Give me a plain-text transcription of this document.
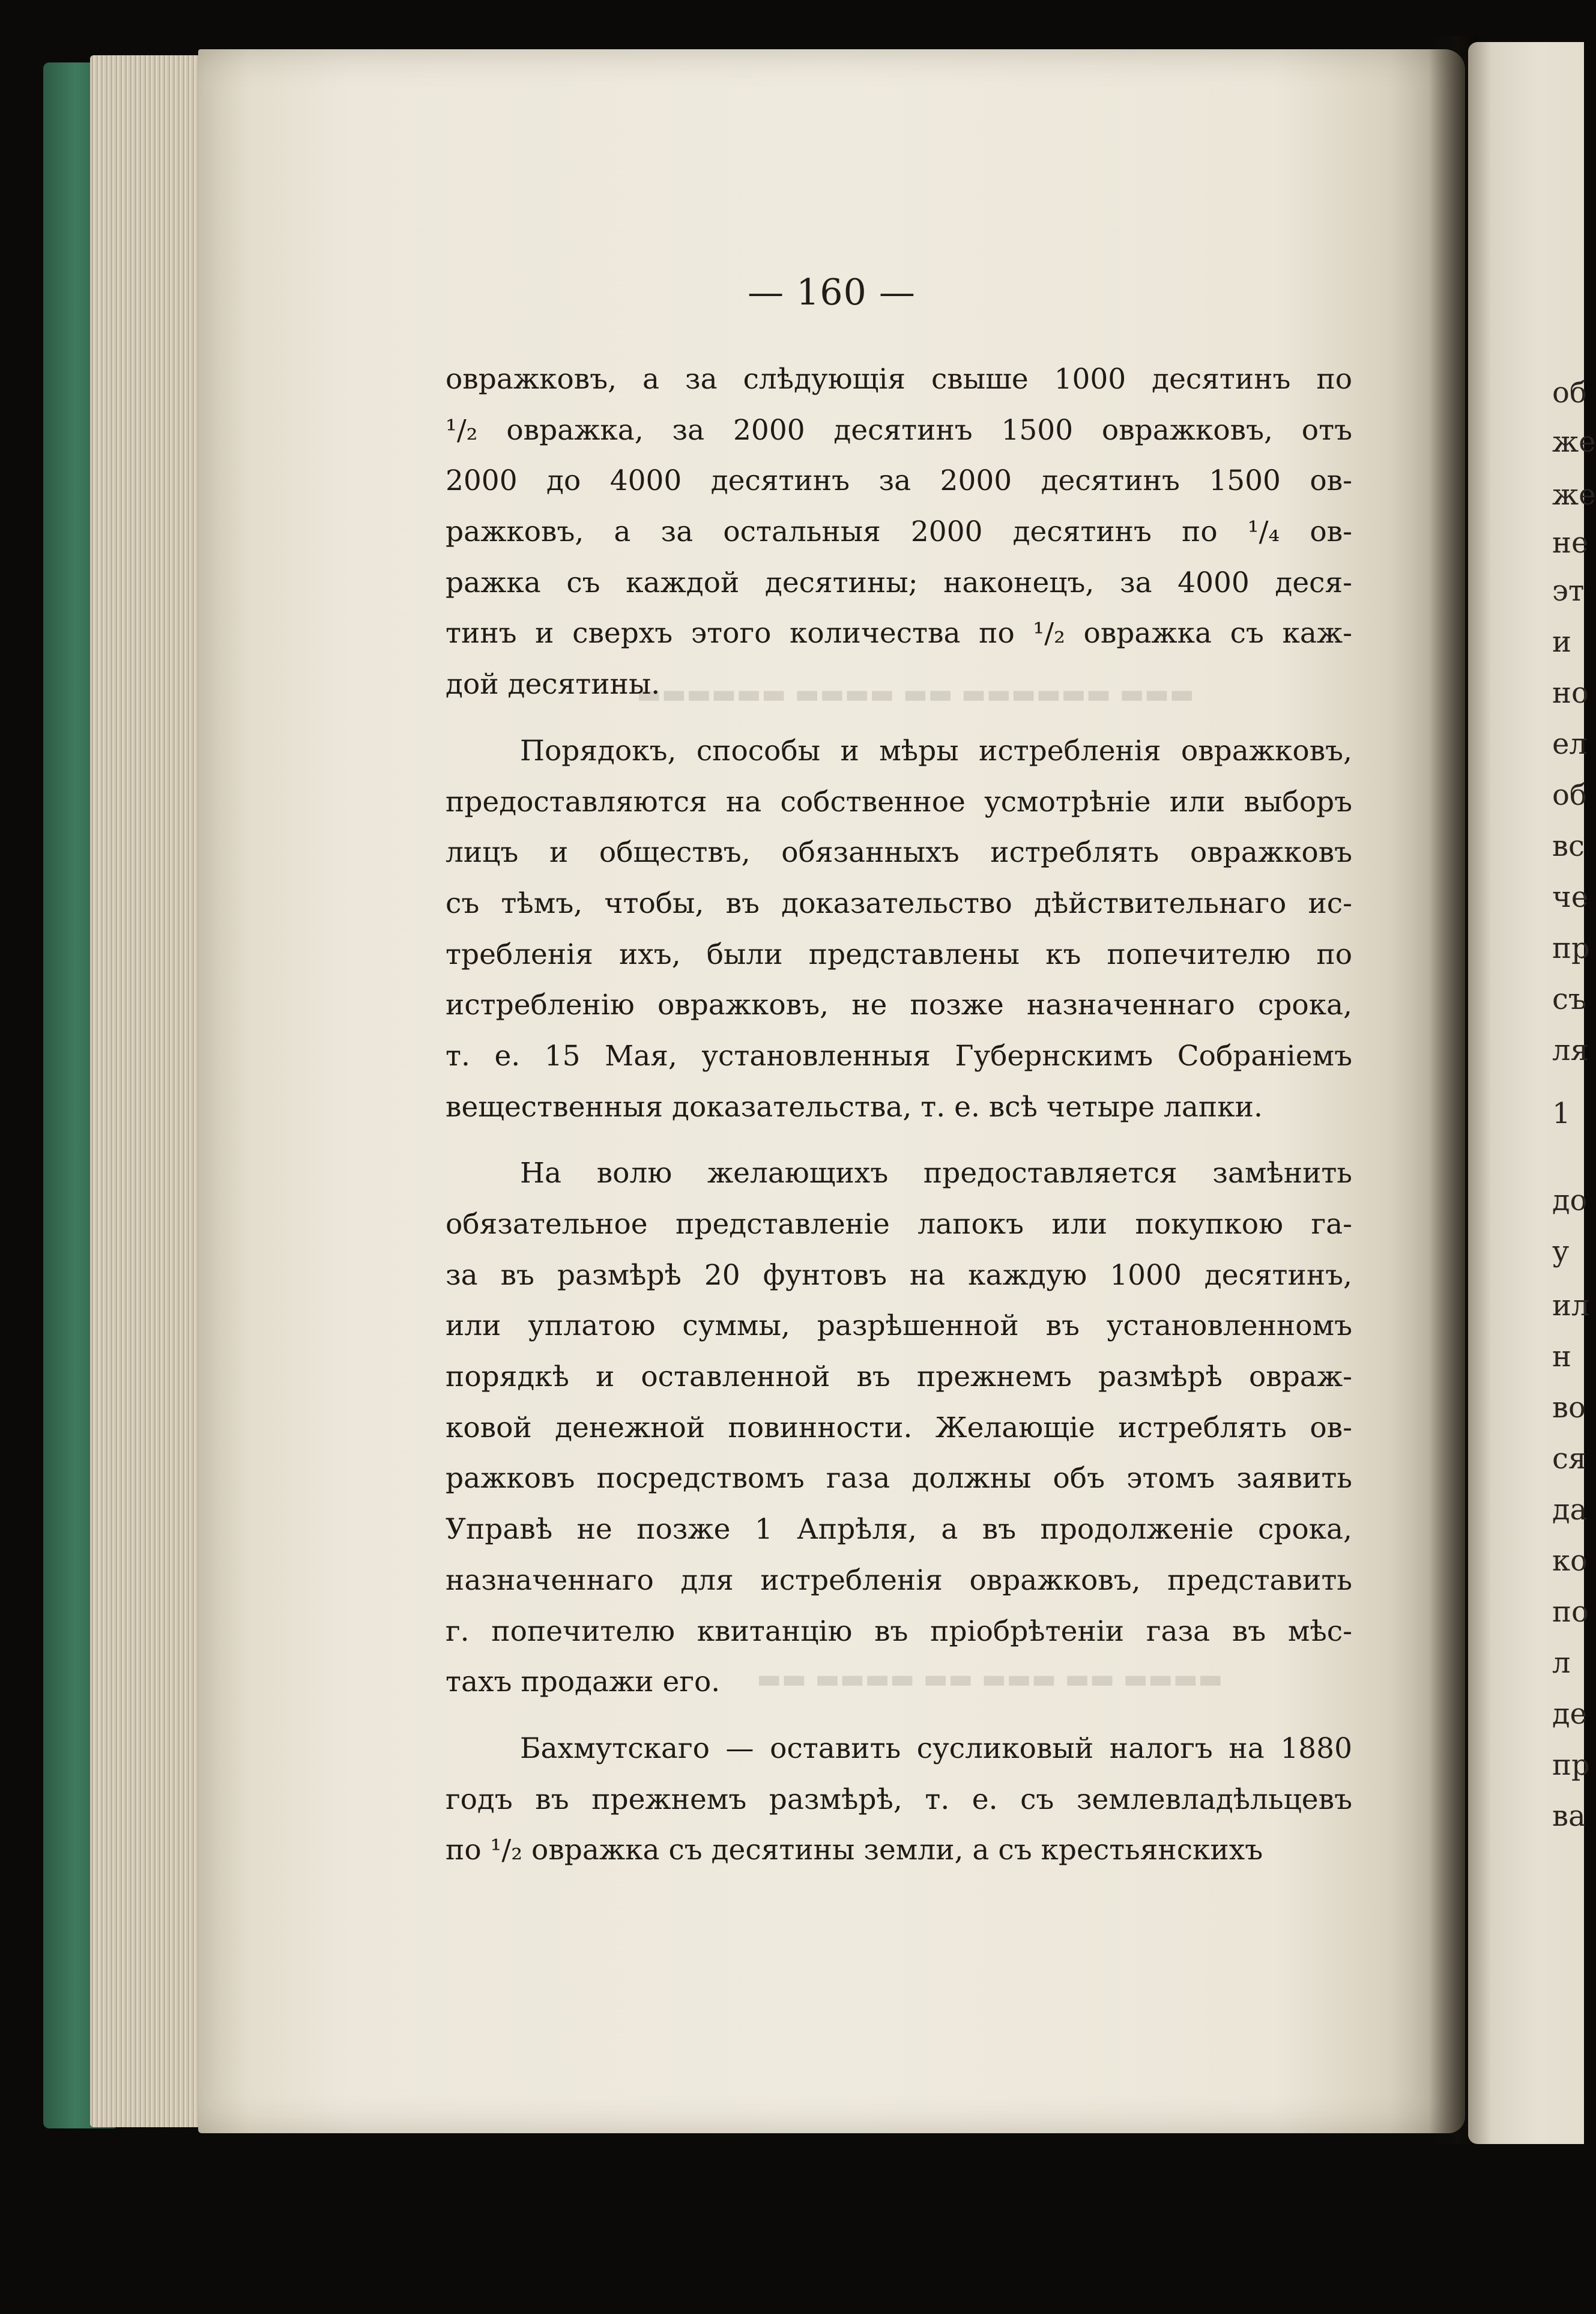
▬▬▬ ▬▬▬▬▬▬ ▬▬ ▬▬▬▬ ▬▬▬▬▬▬
▬▬▬▬ ▬▬ ▬▬▬ ▬▬ ▬▬▬▬ ▬▬
об
же
же
не
эт
и
но
ел
об
вс
че
пр
съ
ля
1
до
у
ил
н
во
ся
да
ко
по
л
де
пр
ва
— 160 —
овражковъ, а за слѣдующія свыше 1000 десятинъ по
¹/₂ овражка, за 2000 десятинъ 1500 овражковъ, отъ
2000 до 4000 десятинъ за 2000 десятинъ 1500 ов-
ражковъ, а за остальныя 2000 десятинъ по ¹/₄ ов-
ражка съ каждой десятины; наконецъ, за 4000 деся-
тинъ и сверхъ этого количества по ¹/₂ овражка съ каж-
дой десятины.
Порядокъ, способы и мѣры истребленія овражковъ,
предоставляются на собственное усмотрѣніе или выборъ
лицъ и обществъ, обязанныхъ истреблять овражковъ
съ тѣмъ, чтобы, въ доказательство дѣйствительнаго ис-
требленія ихъ, были представлены къ попечителю по
истребленію овражковъ, не позже назначеннаго срока,
т. е. 15 Мая, установленныя Губернскимъ Собраніемъ
вещественныя доказательства, т. е. всѣ четыре лапки.
На волю желающихъ предоставляется замѣнить
обязательное представленіе лапокъ или покупкою га-
за въ размѣрѣ 20 фунтовъ на каждую 1000 десятинъ,
или уплатою суммы, разрѣшенной въ установленномъ
порядкѣ и оставленной въ прежнемъ размѣрѣ овраж-
ковой денежной повинности. Желающіе истреблять ов-
ражковъ посредствомъ газа должны объ этомъ заявить
Управѣ не позже 1 Апрѣля, а въ продолженіе срока,
назначеннаго для истребленія овражковъ, представить
г. попечителю квитанцію въ пріобрѣтеніи газа въ мѣс-
тахъ продажи его.
Бахмутскаго — оставить сусликовый налогъ на 1880
годъ въ прежнемъ размѣрѣ, т. е. съ землевладѣльцевъ
по ¹/₂ овражка съ десятины земли, а съ крестьянскихъ
